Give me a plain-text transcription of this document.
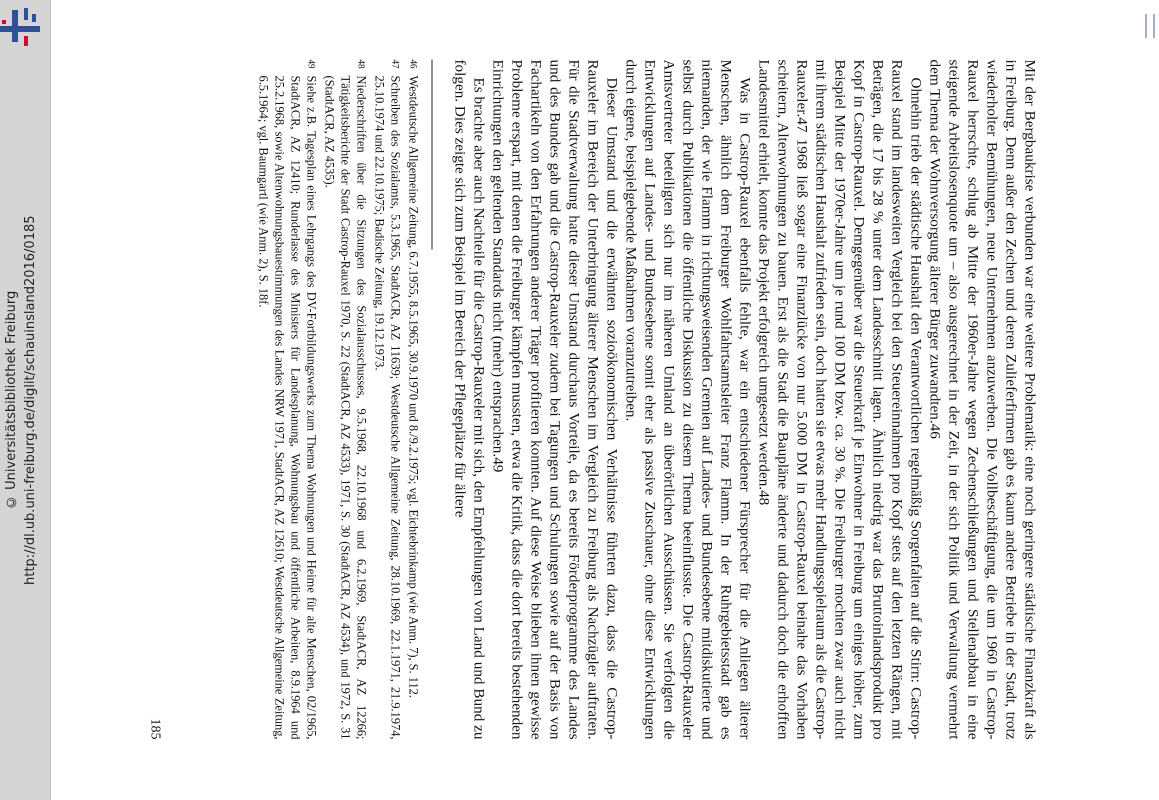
http://dl.ub.uni-freiburg.de/diglit/schauinsland2016/0185
© Universitätsbibliothek Freiburg	Mit der Bergbaukrise verbunden war eine weitere Problematik: eine noch geringere städtische Finanzkraft als in Freiburg. Denn außer den Zechen und deren Zulieferfirmen gab es kaum andere Betriebe in der Stadt, trotz wiederholter Bemühungen, neue Unternehmen anzuwerben. Die Vollbeschäftigung, die um 1960 in Castrop-Rauxel herrschte, schlug ab Mitte der 1960er-Jahre wegen Zechenschließungen und Stellenabbau in eine steigende Arbeitslosenquote um – also ausgerechnet in der Zeit, in der sich Politik und Verwaltung vermehrt dem Thema der Wohnversorgung älterer Bürger zuwandten.46

Ohnehin trieb der städtische Haushalt den Verantwortlichen regelmäßig Sorgenfalten auf die Stirn: Castrop-Rauxel stand im landesweiten Vergleich bei den Steuereinnahmen pro Kopf stets auf den letzten Rängen, mit Beträgen, die 17 bis 28 % unter dem Landesschnitt lagen. Ähnlich niedrig war das Bruttoinlandsprodukt pro Kopf in Castrop-Rauxel. Demgegenüber war die Steuerkraft je Einwohner in Freiburg um einiges höher, zum Beispiel Mitte der 1970er-Jahre um je rund 100 DM bzw. ca. 30 %. Die Freiburger mochten zwar auch nicht mit ihrem städtischen Haushalt zufrieden sein, doch hatten sie etwas mehr Handlungsspielraum als die Castrop-Rauxeler.47 1968 ließ sogar eine Finanzlücke von nur 5.000 DM in Castrop-Rauxel beinahe das Vorhaben scheitern, Altenwohnungen zu bauen. Erst als die Stadt die Baupläne änderte und dadurch doch die erhofften Landesmittel erhielt, konnte das Projekt erfolgreich umgesetzt werden.48

Was in Castrop-Rauxel ebenfalls fehlte, war ein entschiedener Fürsprecher für die Anliegen älterer Menschen, ähnlich dem Freiburger Wohlfahrtsamtsleiter Franz Flamm. In der Ruhrgebietsstadt gab es niemanden, der wie Flamm in richtungsweisenden Gremien auf Landes- und Bundesebene mitdiskutierte und selbst durch Publikationen die öffentliche Diskussion zu diesem Thema beeinflusste. Die Castrop-Rauxeler Amtsvertreter beteiligten sich nur im näheren Umland an überörtlichen Ausschüssen. Sie verfolgten die Entwicklungen auf Landes- und Bundesebene somit eher als passive Zuschauer, ohne diese Entwicklungen durch eigene, beispielgebende Maßnahmen voranzutreiben.

Dieser Umstand und die erwähnten sozioökonomischen Verhältnisse führten dazu, dass die Castrop-Rauxeler im Bereich der Unterbringung älterer Menschen im Vergleich zu Freiburg als Nachzügler auftraten. Für die Stadtverwaltung hatte dieser Umstand durchaus Vorteile, da es bereits Förderprogramme des Landes und des Bundes gab und die Castrop-Rauxeler zudem bei Tagungen und Schulungen sowie auf der Basis von Fachartikeln von den Erfahrungen anderer Träger profitieren konnten. Auf diese Weise blieben ihnen gewisse Probleme erspart, mit denen die Freiburger kämpfen mussten, etwa die Kritik, dass die dort bereits bestehenden Einrichtungen den geltenden Standards nicht (mehr) entsprachen.49

Es brachte aber auch Nachteile für die Castrop-Rauxeler mit sich, den Empfehlungen von Land und Bund zu folgen. Dies zeigte sich zum Beispiel im Bereich der Pflegeplätze für ältere

46
Westdeutsche Allgemeine Zeitung, 6.7.1955, 8.5.1965, 30.9.1970 und 8./9.2.1975; vgl. Eichtebrinkamp (wie Anm. 7), S. 112.
47
Schreiben des Sozialamts, 5.3.1965, StadtACR, AZ 11639; Westdeutsche Allgemeine Zeitung, 28.10.1969, 22.1.1971, 21.9.1974, 25.10.1974 und 22.10.1975; Badische Zeitung, 19.12.1973.
48
Niederschriften über die Sitzungen des Sozialausschusses, 9.5.1968, 22.10.1968 und 6.2.1969, StadtACR, AZ 12266; Tätigkeitsberichte der Stadt Castrop-Rauxel 1970, S. 22 (StadtACR, AZ 4533), 1971, S. 30 (StadtACR, AZ 4534), und 1972, S. 31 (StadtACR, AZ 4535).
49
Siehe z.B. Tagesplan eines Lehrgangs des DV-Fortbildungswerks zum Thema Wohnungen und Heime für alte Menschen, 02/1965, StadtACR, AZ 12410; Runderlasse des Ministers für Landesplanung, Wohnungsbau und öffentliche Arbeiten, 8.9.1964 und 25.2.1968, sowie Altenwohnungsbauestimmungen des Landes NRW 1971, StadtACR, AZ 12610; Westdeutsche Allgemeine Zeitung, 6.5.1964; vgl. Baumgartl (wie Anm. 2), S. 18f.
185
